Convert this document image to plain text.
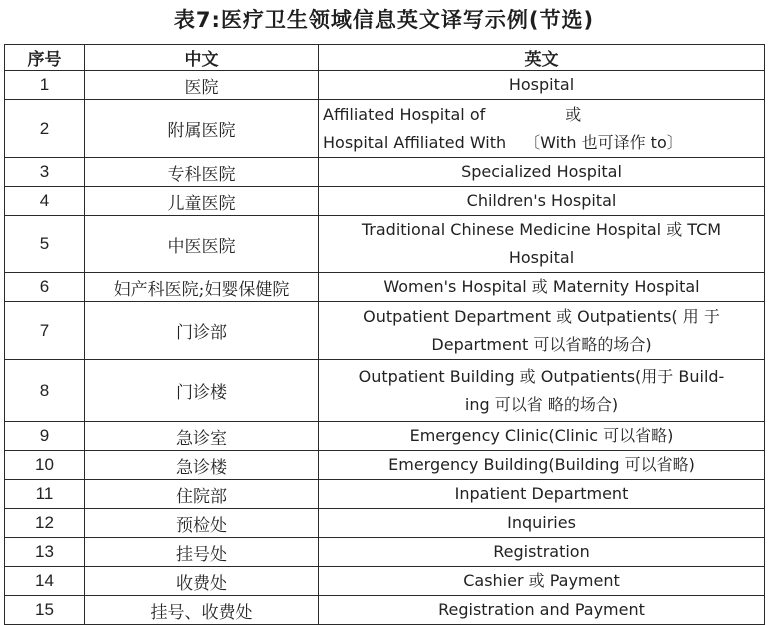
表7:医疗卫生领域信息英文译写示例(节选)
序号	中文	英文
1	医院	Hospital
2	附属医院	Affiliated Hospital of 或
Hospital Affiliated With 〔With 也可译作 to〕
3	专科医院	Specialized Hospital
4	儿童医院	Children's Hospital
5	中医医院	Traditional Chinese Medicine Hospital 或 TCM
Hospital
6	妇产科医院;妇婴保健院	Women's Hospital 或 Maternity Hospital
7	门诊部	Outpatient Department 或 Outpatients( 用 于
Department 可以省略的场合)
8	门诊楼	Outpatient Building 或 Outpatients(用于 Build-
ing 可以省 略的场合)
9	急诊室	Emergency Clinic(Clinic 可以省略)
10	急诊楼	Emergency Building(Building 可以省略)
11	住院部	Inpatient Department
12	预检处	Inquiries
13	挂号处	Registration
14	收费处	Cashier 或 Payment
15	挂号、收费处	Registration and Payment
